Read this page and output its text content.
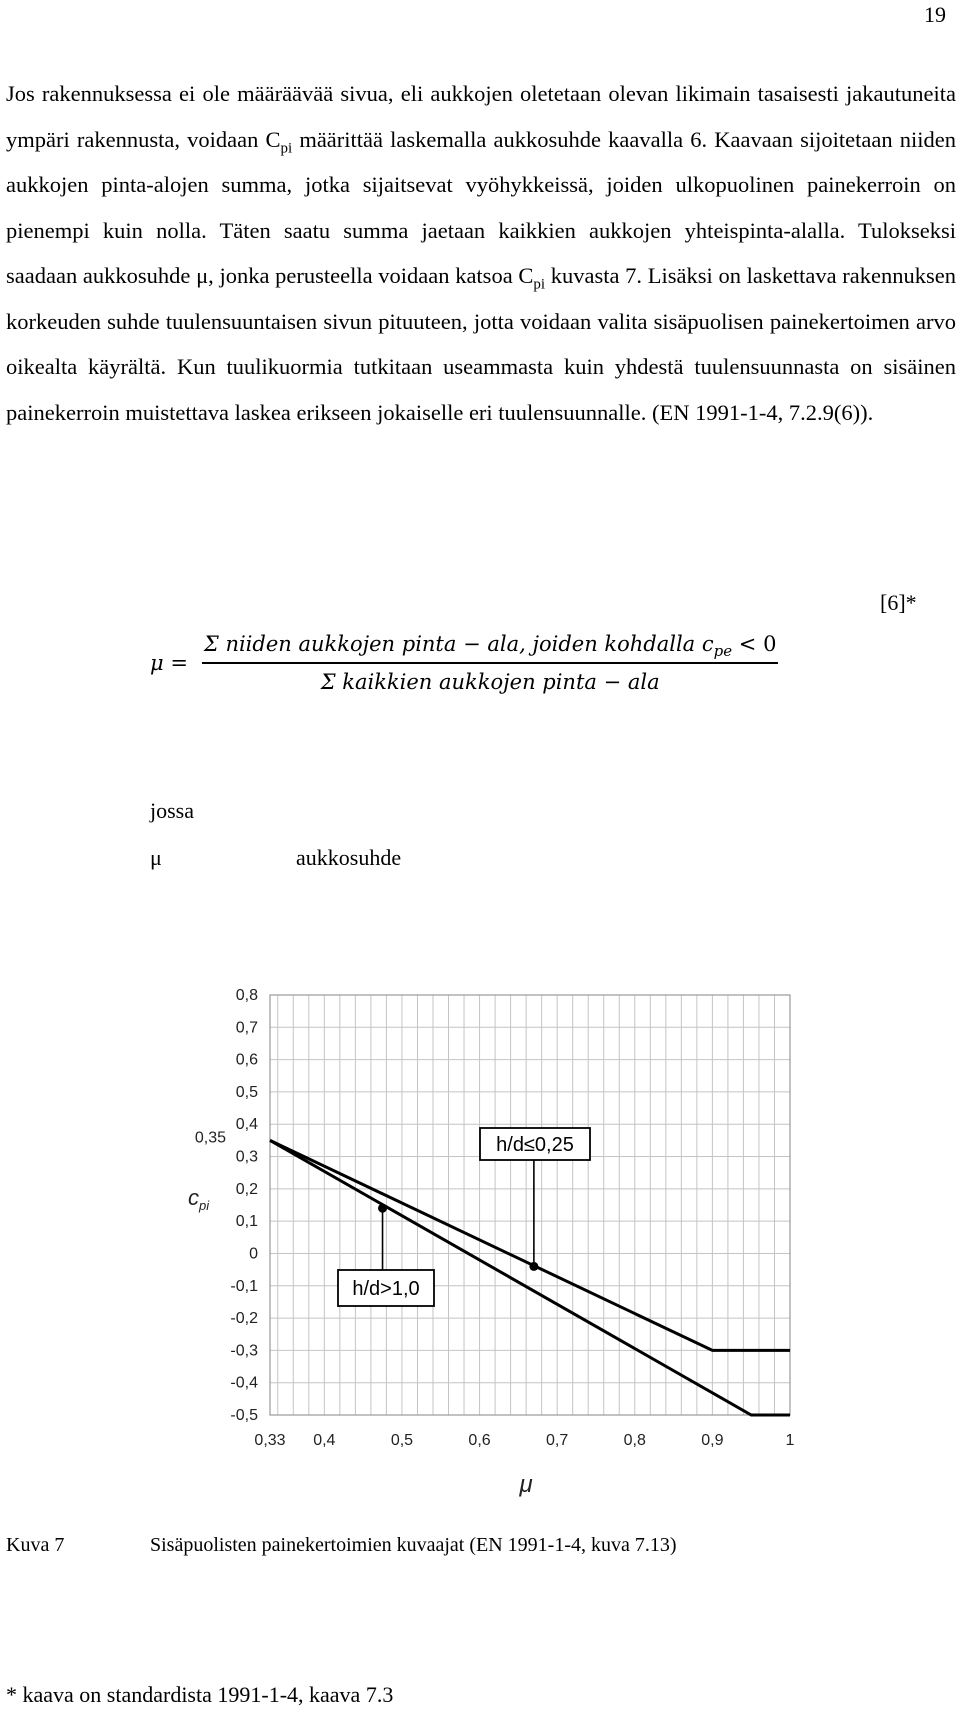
19

Jos rakennuksessa ei ole määräävää sivua, eli aukkojen oletetaan olevan likimain tasaisesti jakautuneita ympäri rakennusta, voidaan $C_{pi}$ määrittää laskemalla aukkosuhde kaavalla 6. Kaavaan sijoitetaan niiden aukkojen pinta-alojen summa, jotka sijaitsevat vyöhykkeissä, joiden ulkopuolinen painekerroin on pienempi kuin nolla. Täten saatu summa jaetaan kaikkien aukkojen yhteispinta-alalla. Tulokseksi saadaan aukkosuhde μ, jonka perusteella voidaan katsoa $C_{pi}$ kuvasta 7. Lisäksi on laskettava rakennuksen korkeuden suhde tuulensuuntaisen sivun pituuteen, jotta voidaan valita sisäpuolisen painekertoimen arvo oikealta käyrältä. Kun tuulikuormia tutkitaan useammasta kuin yhdestä tuulensuunnasta on sisäinen painekerroin muistettava laskea erikseen jokaiselle eri tuulensuunnalle. (EN 1991-1-4, 7.2.9(6)).

[6]*
$\mu = \frac{\Sigma niiden aukkojen pinta - ala, joiden kohdalla c_{pe} < 0}{\text{Σ kaikkien aukkojen pinta − ala}}$
jossa
μ	aukkosuhde
0,8
0,7
0,6
0,5
0,4
0,3
0,2
0,1
0
-0,1
-0,2
-0,3
-0,4
-0,5
0,35
0,33 0,4	0,5	0,6	0,7	0,8	0,9	1
$c_{pi}$
μ
h/d≤0,25
h/d>1,0
Kuva 7	Sisäpuolisten painekertoimien kuvaajat (EN 1991-1-4, kuva 7.13)
* kaava on standardista 1991-1-4, kaava 7.3
